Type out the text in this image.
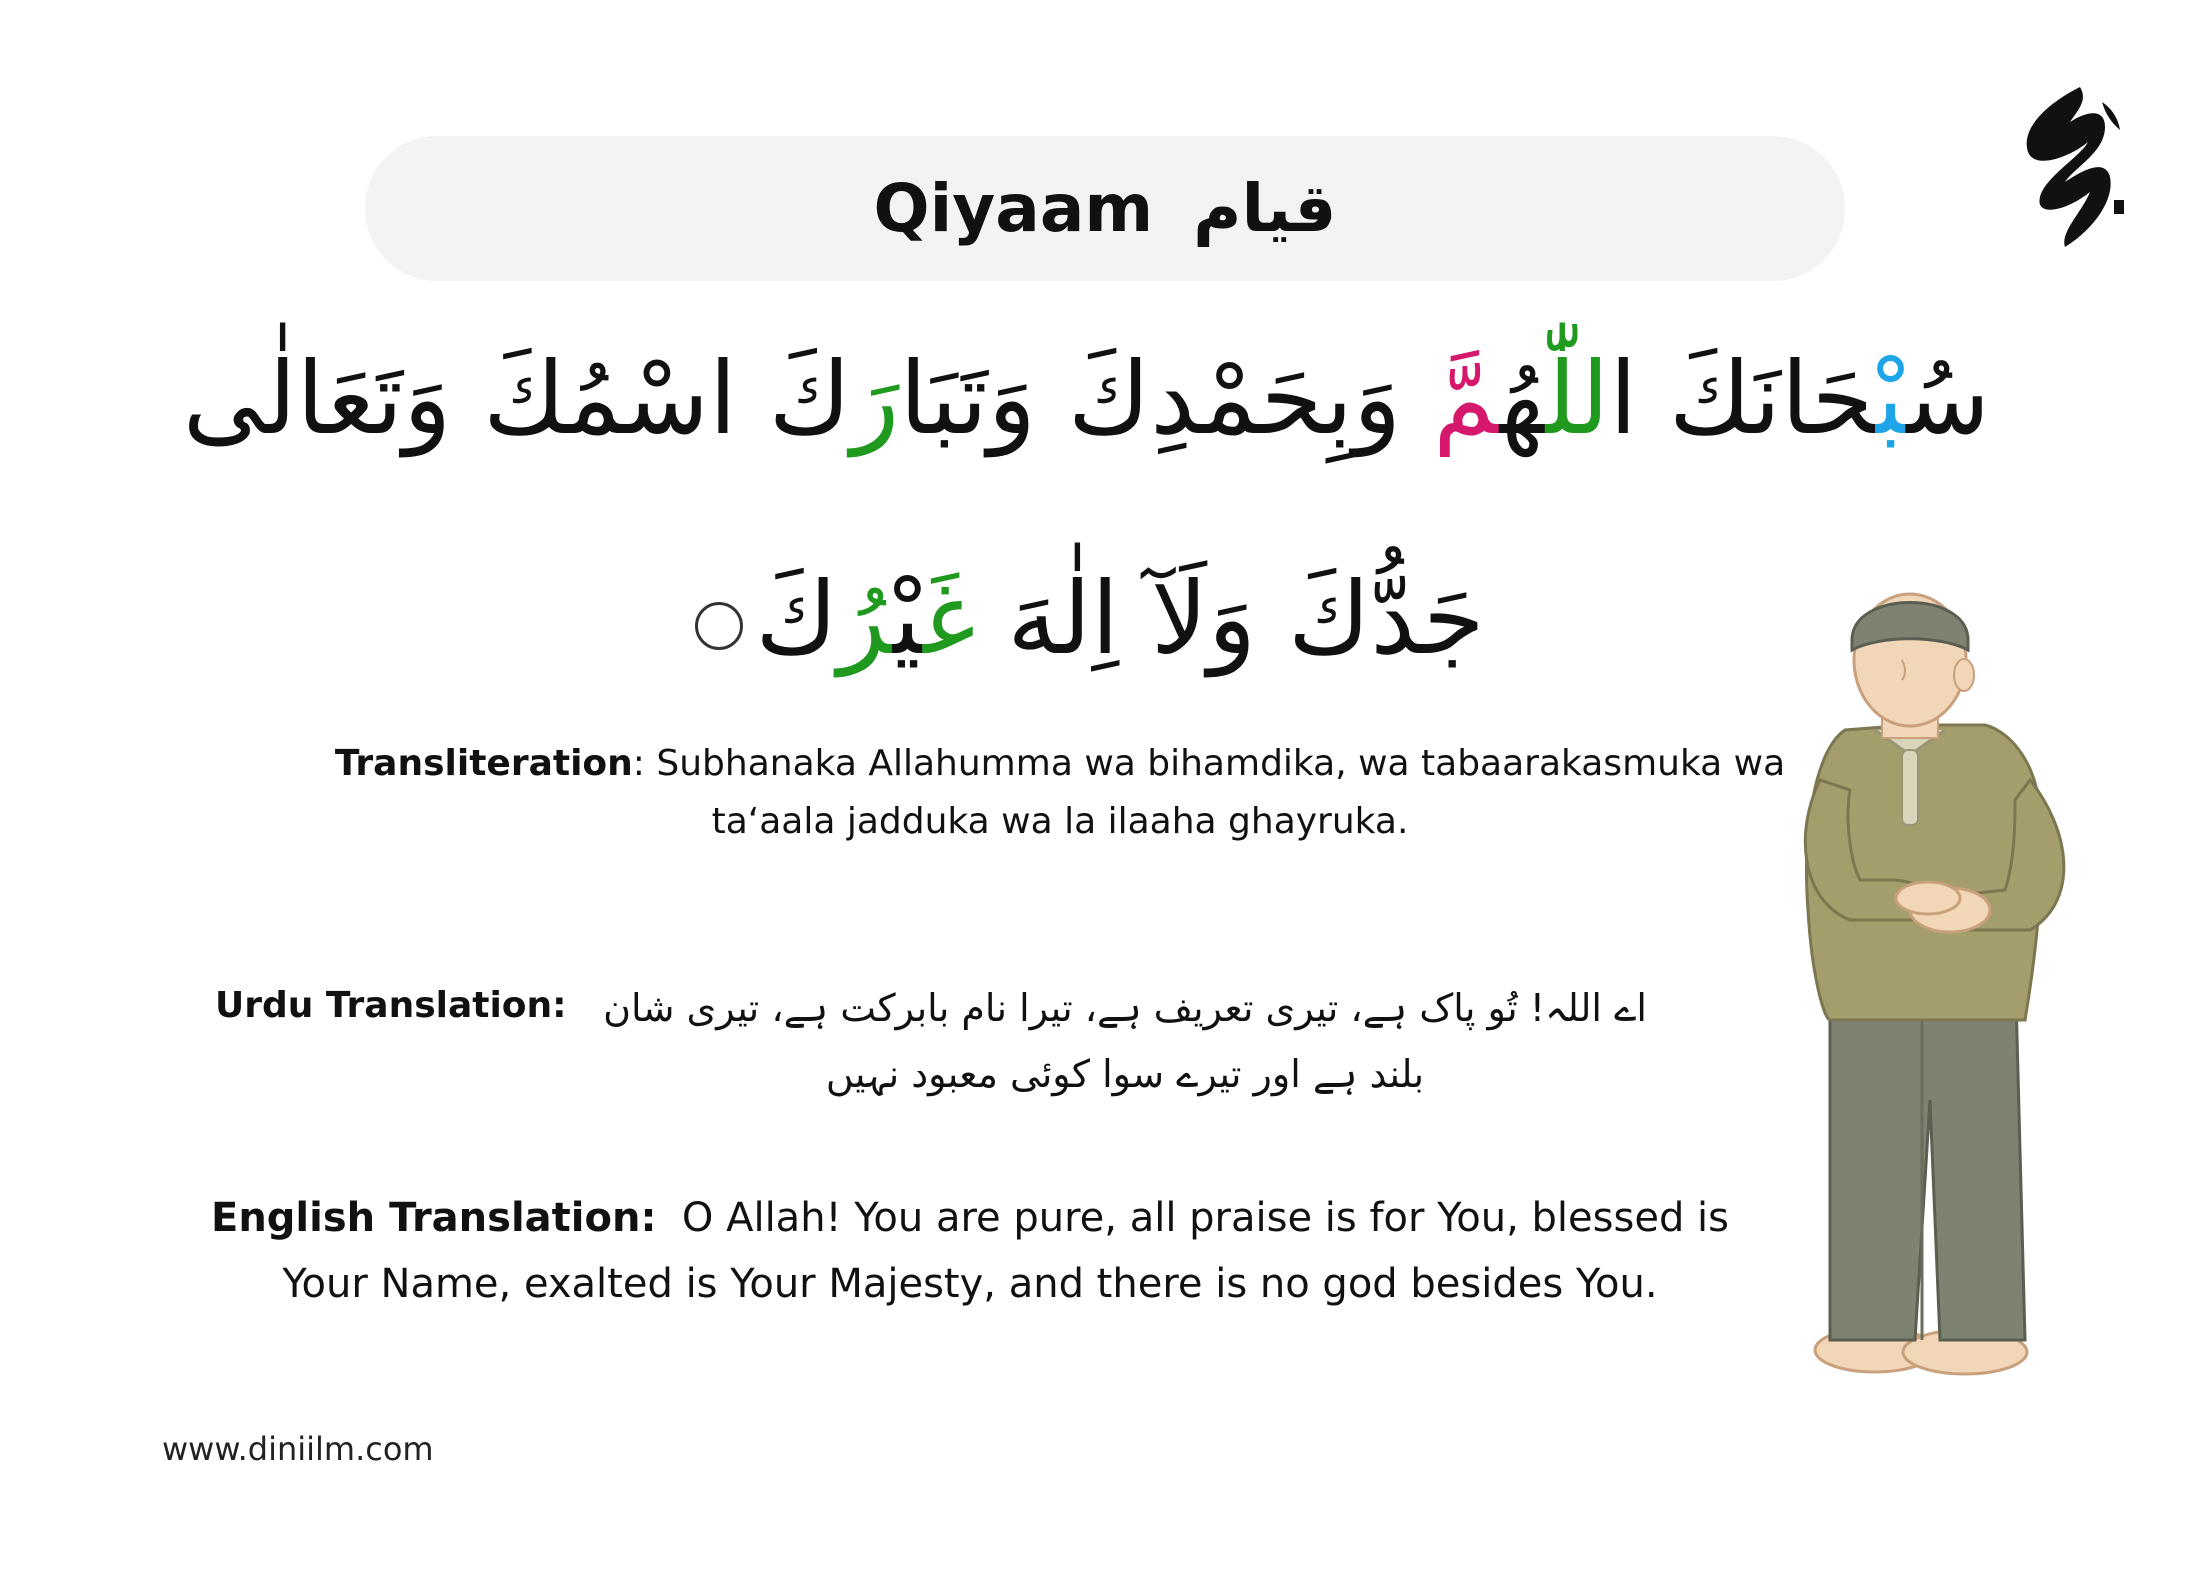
Qiyaam قيام
سُبْحَانَكَ اللّٰهُمَّ وَبِحَمْدِكَ وَتَبَارَكَ اسْمُكَ وَتَعَالٰى
جَدُّكَ وَلَآ اِلٰهَ غَيْرُكَ
Transliteration: Subhanaka Allahumma wa bihamdika, wa tabaarakasmuka wa ta‘aala jadduka wa la ilaaha ghayruka.
Urdu Translation: اے اللہ! تُو پاک ہے، تیری تعریف ہے، تیرا نام بابرکت ہے، تیری شان بلند ہے اور تیرے سوا کوئی معبود نہیں
English Translation: O Allah! You are pure, all praise is for You, blessed is Your Name, exalted is Your Majesty, and there is no god besides You.
www.diniilm.com
